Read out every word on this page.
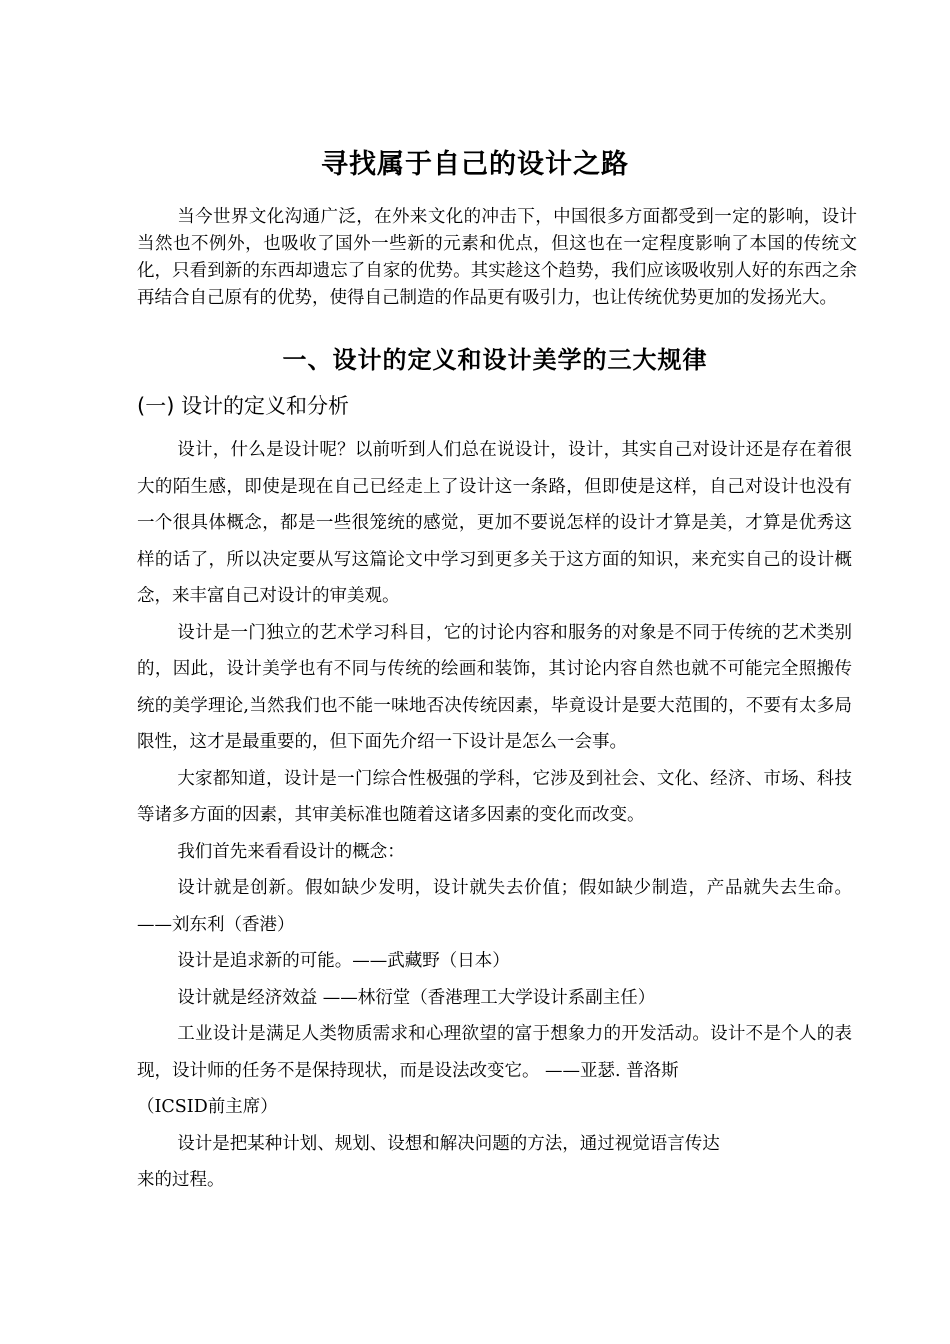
寻找属于自己的设计之路

当今世界文化沟通广泛，在外来文化的冲击下，中国很多方面都受到一定的影响，设计当然也不例外，也吸收了国外一些新的元素和优点，但这也在一定程度影响了本国的传统文化，只看到新的东西却遗忘了自家的优势。其实趁这个趋势，我们应该吸收别人好的东西之余再结合自己原有的优势，使得自己制造的作品更有吸引力，也让传统优势更加的发扬光大。

一、设计的定义和设计美学的三大规律
(一) 设计的定义和分析

设计，什么是设计呢？以前听到人们总在说设计，设计，其实自己对设计还是存在着很大的陌生感，即使是现在自己已经走上了设计这一条路，但即使是这样，自己对设计也没有一个很具体概念，都是一些很笼统的感觉，更加不要说怎样的设计才算是美，才算是优秀这样的话了，所以决定要从写这篇论文中学习到更多关于这方面的知识，来充实自己的设计概念，来丰富自己对设计的审美观。

设计是一门独立的艺术学习科目，它的讨论内容和服务的对象是不同于传统的艺术类别的，因此，设计美学也有不同与传统的绘画和装饰，其讨论内容自然也就不可能完全照搬传统的美学理论,当然我们也不能一味地否决传统因素，毕竟设计是要大范围的，不要有太多局限性，这才是最重要的，但下面先介绍一下设计是怎么一会事。

大家都知道，设计是一门综合性极强的学科，它涉及到社会、文化、经济、市场、科技等诸多方面的因素，其审美标准也随着这诸多因素的变化而改变。

我们首先来看看设计的概念：

设计就是创新。假如缺少发明，设计就失去价值；假如缺少制造，产品就失去生命。——刘东利（香港）

设计是追求新的可能。——武藏野（日本）

设计就是经济效益 ——林衍堂（香港理工大学设计系副主任）

工业设计是满足人类物质需求和心理欲望的富于想象力的开发活动。设计不是个人的表现，设计师的任务不是保持现状，而是设法改变它。 ——亚瑟. 普洛斯

（ICSID前主席）

设计是把某种计划、规划、设想和解决问题的方法，通过视觉语言传达

来的过程。
